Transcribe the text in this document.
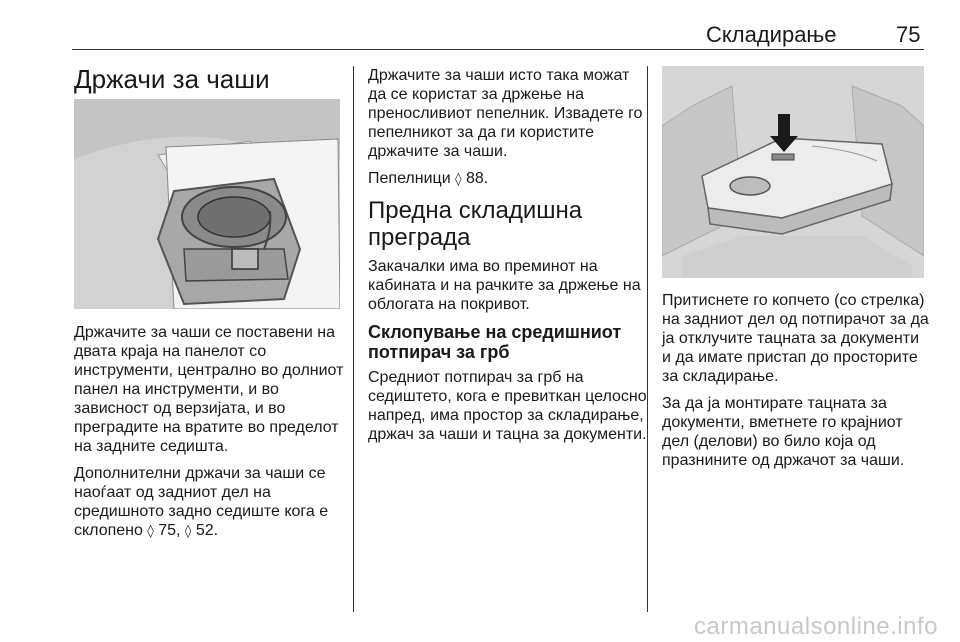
Складирање	75
Држачи за чаши

Држачите за чаши се поставени на двата краја на панелот со инструменти, централно во долниот панел на инструменти, и во зависност од верзијата, и во преградите на вратите во пределот на задните седишта.

Дополнителни држачи за чаши се наоѓаат од задниот дел на средишното задно седиште кога е склопено ◊ 75, ◊ 52.

Држачите за чаши исто така можат да се користат за држење на преносливиот пепелник. Извадете го пепелникот за да ги користите држачите за чаши.

Пепелници ◊ 88.

Предна складишна преграда

Закачалки има во преминот на кабината и на рачките за држење на облогата на покривот.

Склопување на средишниот потпирач за грб

Средниот потпирач за грб на седиштето, кога е превиткан целосно напред, има простор за складирање, држач за чаши и тацна за документи.

Притиснете го копчето (со стрелка) на задниот дел од потпирачот за да ја отклучите тацната за документи и да имате пристап до просторите за складирање.

За да ја монтирате тацната за документи, вметнете го крајниот дел (делови) во било која од празнините од држачот за чаши.

carmanualsonline.info
